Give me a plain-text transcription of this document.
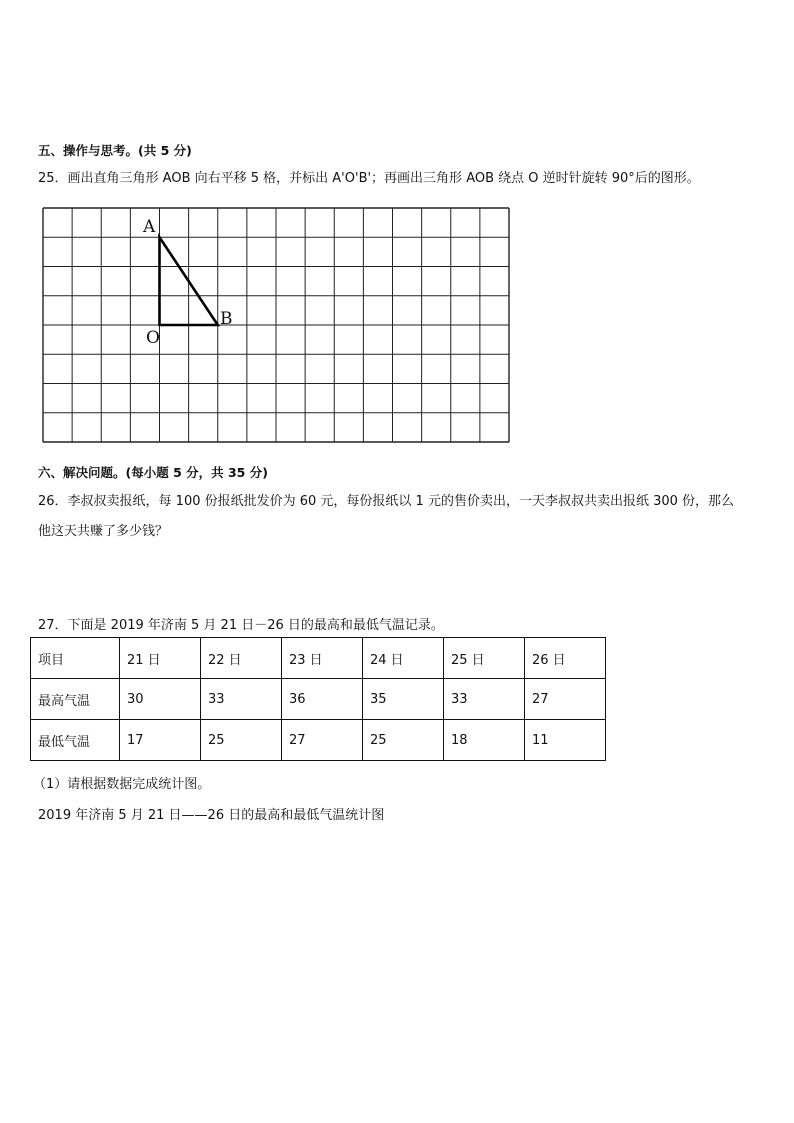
五、操作与思考。(共 5 分)
25．画出直角三角形 AOB 向右平移 5 格，并标出 A'O'B'；再画出三角形 AOB 绕点 O 逆时针旋转 90°后的图形。
A
O
B
六、解决问题。(每小题 5 分，共 35 分)
26．李叔叔卖报纸，每 100 份报纸批发价为 60 元，每份报纸以 1 元的售价卖出，一天李叔叔共卖出报纸 300 份，那么
他这天共赚了多少钱？
27．下面是 2019 年济南 5 月 21 日－26 日的最高和最低气温记录。
项目	21 日	22 日	23 日	24 日	25 日	26 日
最高气温	30	33	36	35	33	27
最低气温	17	25	27	25	18	11
（1）请根据数据完成统计图。
2019 年济南 5 月 21 日——26 日的最高和最低气温统计图
